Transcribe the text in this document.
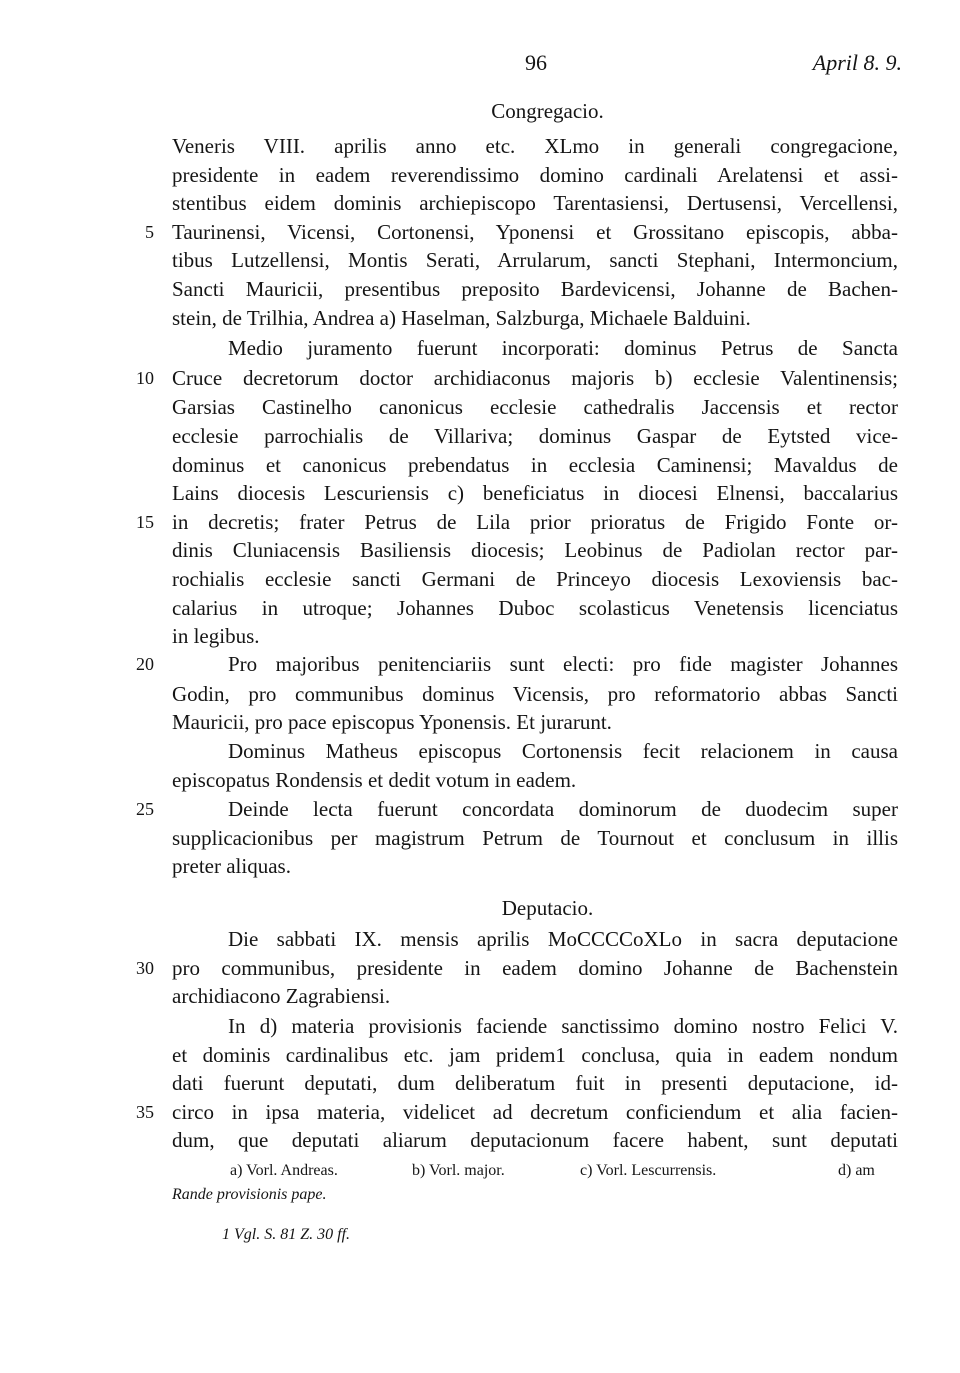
96	April 8. 9.
Congregacio.
Veneris VIII. aprilis anno etc. XLmo in generali congregacione,
presidente in eadem reverendissimo domino cardinali Arelatensi et assi-
stentibus eidem dominis archiepiscopo Tarentasiensi, Dertusensi, Vercellensi,
Taurinensi, Vicensi, Cortonensi, Yponensi et Grossitano episcopis, abba-
5
tibus Lutzellensi, Montis Serati, Arrularum, sancti Stephani, Intermoncium,
Sancti Mauricii, presentibus preposito Bardevicensi, Johanne de Bachen-
stein, de Trilhia, Andrea a) Haselman, Salzburga, Michaele Balduini.
Medio juramento fuerunt incorporati: dominus Petrus de Sancta
Cruce decretorum doctor archidiaconus majoris b) ecclesie Valentinensis;
10
Garsias Castinelho canonicus ecclesie cathedralis Jaccensis et rector
ecclesie parrochialis de Villariva; dominus Gaspar de Eytsted vice-
dominus et canonicus prebendatus in ecclesia Caminensi; Mavaldus de
Lains diocesis Lescuriensis c) beneficiatus in diocesi Elnensi, baccalarius
in decretis; frater Petrus de Lila prior prioratus de Frigido Fonte or-
15
dinis Cluniacensis Basiliensis diocesis; Leobinus de Padiolan rector par-
rochialis ecclesie sancti Germani de Princeyo diocesis Lexoviensis bac-
calarius in utroque; Johannes Duboc scolasticus Venetensis licenciatus
in legibus.
Pro majoribus penitenciariis sunt electi: pro fide magister Johannes
20
Godin, pro communibus dominus Vicensis, pro reformatorio abbas Sancti
Mauricii, pro pace episcopus Yponensis. Et jurarunt.
Dominus Matheus episcopus Cortonensis fecit relacionem in causa
episcopatus Rondensis et dedit votum in eadem.
Deinde lecta fuerunt concordata dominorum de duodecim super
25
supplicacionibus per magistrum Petrum de Tournout et conclusum in illis
preter aliquas.
Deputacio.
Die sabbati IX. mensis aprilis MoCCCCoXLo in sacra deputacione
pro communibus, presidente in eadem domino Johanne de Bachenstein
30
archidiacono Zagrabiensi.
In d) materia provisionis faciende sanctissimo domino nostro Felici V.
et dominis cardinalibus etc. jam pridem1 conclusa, quia in eadem nondum
dati fuerunt deputati, dum deliberatum fuit in presenti deputacione, id-
circo in ipsa materia, videlicet ad decretum conficiendum et alia facien-
35
dum, que deputati aliarum deputacionum facere habent, sunt deputati
a) Vorl. Andreas.	b) Vorl. major.	c) Vorl. Lescurrensis.	d) am
Rande provisionis pape.
1 Vgl. S. 81 Z. 30 ff.
